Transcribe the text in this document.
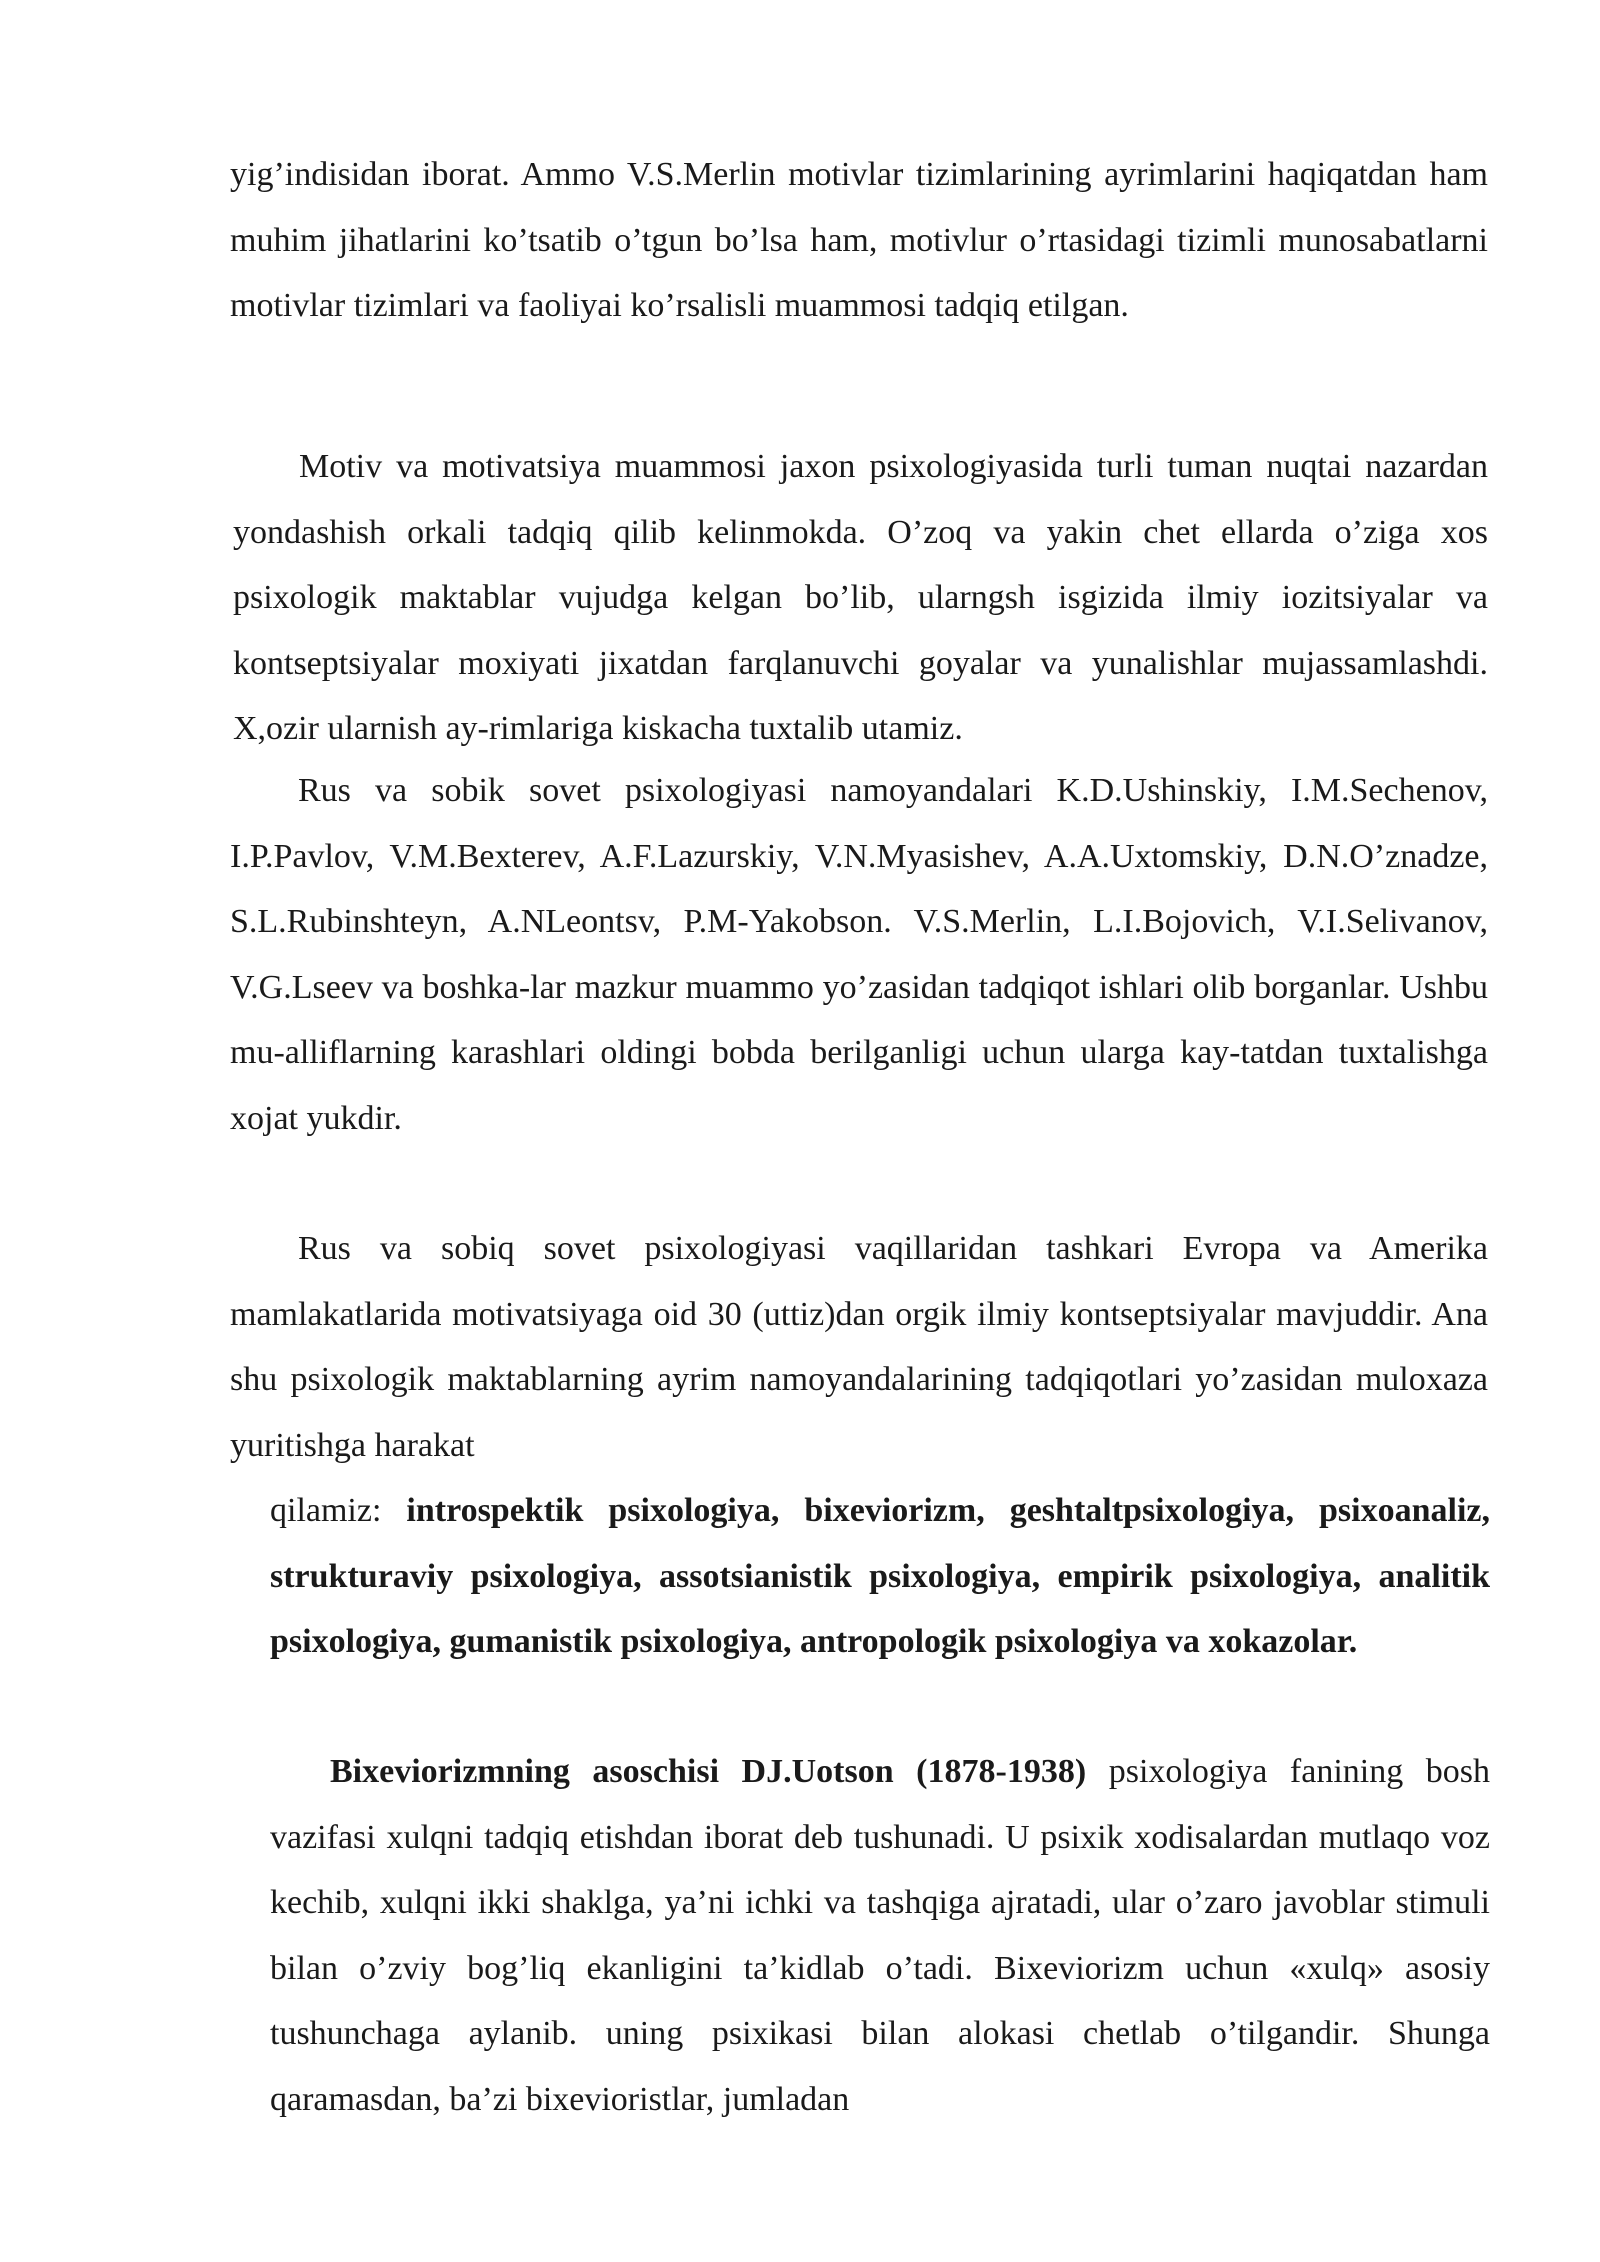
yig’indisidan iborat. Ammo V.S.Merlin motivlar tizimlarining ayrimlarini haqiqatdan ham muhim jihatlarini ko’tsatib o’tgun bo’lsa ham, motivlur o’rtasidagi tizimli munosabatlarni motivlar tizimlari va faoliyai ko’rsalisli muammosi tadqiq etilgan.

Motiv va motivatsiya muammosi jaxon psixologiyasida turli tuman nuqtai nazardan yondashish orkali tadqiq qilib kelinmokda. O’zoq va yakin chet ellarda o’ziga xos psixologik maktablar vujudga kelgan bo’lib, ularngsh isgizida ilmiy iozitsiyalar va kontseptsiyalar moxiyati jixatdan farqlanuvchi goyalar va yunalishlar mujassamlashdi. X,ozir ularnish ay-rimlariga kiskacha tuxtalib utamiz.

Rus va sobik sovet psixologiyasi namoyandalari K.D.Ushinskiy, I.M.Sechenov, I.P.Pavlov, V.M.Bexterev, A.F.Lazurskiy, V.N.Myasishev, A.A.Uxtomskiy, D.N.O’znadze, S.L.Rubinshteyn, A.NLeontsv, P.M-Yakobson. V.S.Merlin, L.I.Bojovich, V.I.Selivanov, V.G.Lseev va boshka-lar mazkur muammo yo’zasidan tadqiqot ishlari olib borganlar. Ushbu mu-alliflarning karashlari oldingi bobda berilganligi uchun ularga kay-tatdan tuxtalishga xojat yukdir.

Rus va sobiq sovet psixologiyasi vaqillaridan tashkari Evropa va Amerika mamlakatlarida motivatsiyaga oid 30 (uttiz)dan orgik ilmiy kontseptsiyalar mavjuddir. Ana shu psixologik maktablarning ayrim namoyandalarining tadqiqotlari yo’zasidan muloxaza yuritishga harakat

qilamiz: introspektik psixologiya, bixeviorizm, geshtaltpsixologiya, psixoanaliz, strukturaviy psixologiya, assotsianistik psixologiya, empirik psixologiya, analitik psixologiya, gumanistik psixologiya, antropologik psixologiya va xokazolar.

Bixeviorizmning asoschisi DJ.Uotson (1878-1938) psixologiya fanining bosh vazifasi xulqni tadqiq etishdan iborat deb tushunadi. U psixik xodisalardan mutlaqo voz kechib, xulqni ikki shaklga, ya’ni ichki va tashqiga ajratadi, ular o’zaro javoblar stimuli bilan o’zviy bog’liq ekanligini ta’kidlab o’tadi. Bixeviorizm uchun «xulq» asosiy tushunchaga aylanib. uning psixikasi bilan alokasi chetlab o’tilgandir. Shunga qaramasdan, ba’zi bixevioristlar, jumladan
